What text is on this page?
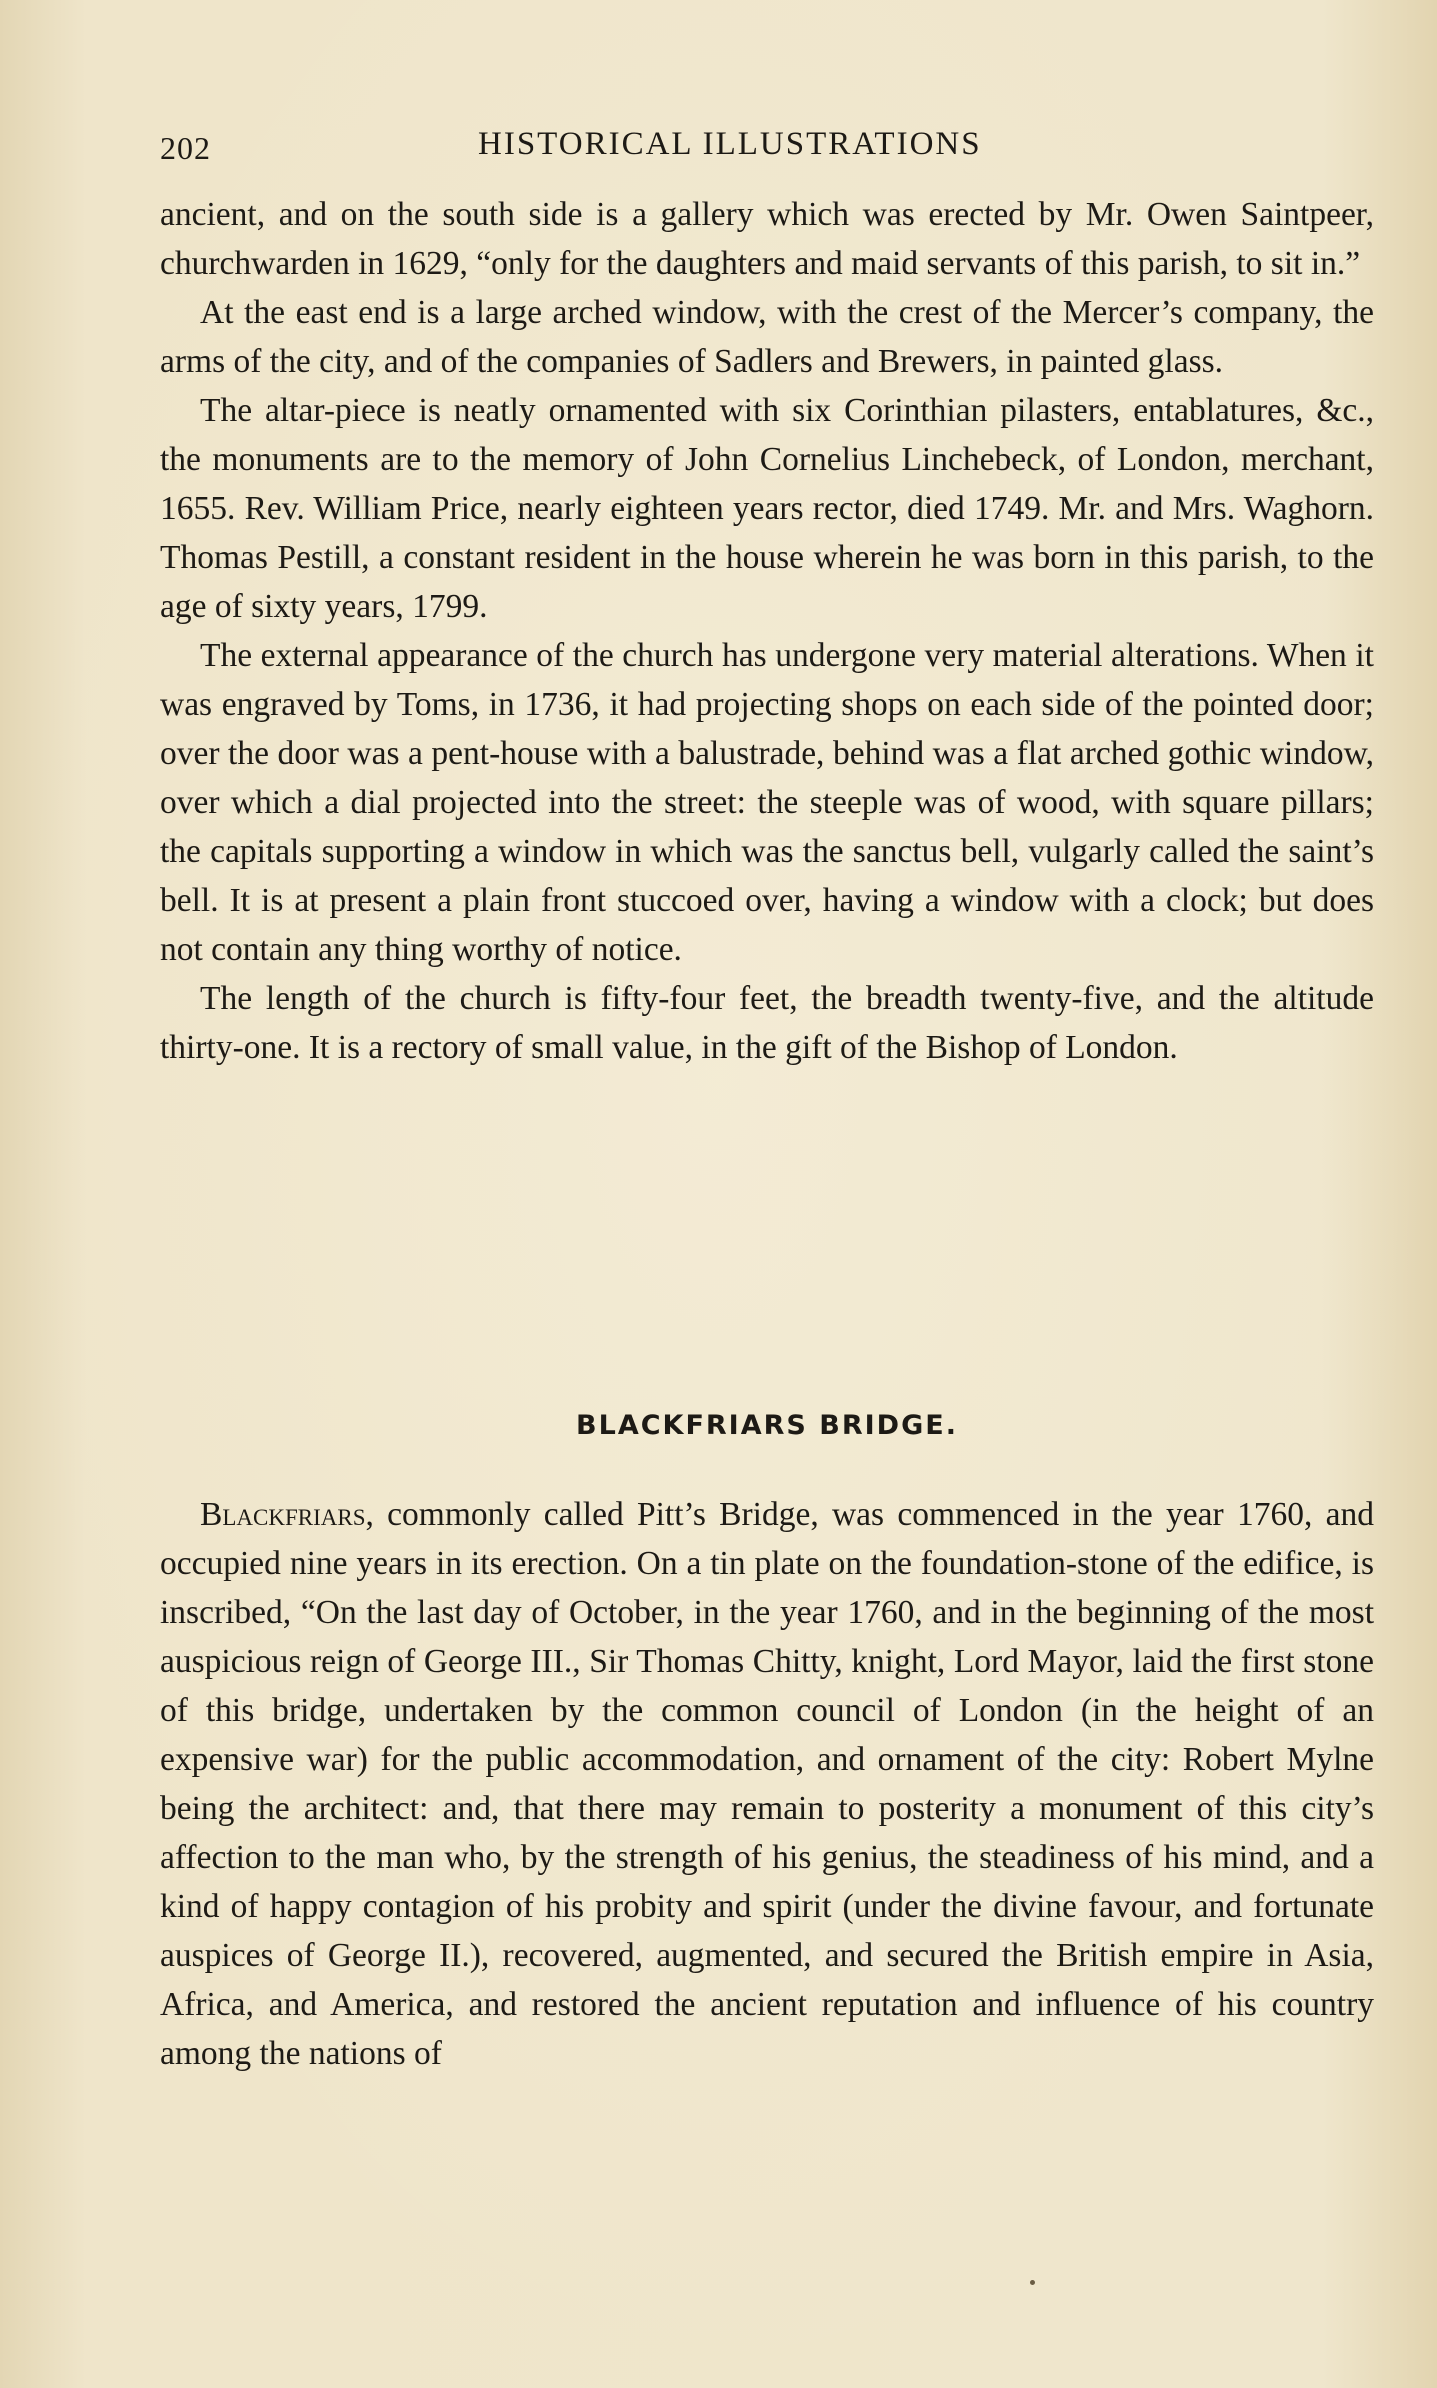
202	HISTORICAL ILLUSTRATIONS

ancient, and on the south side is a gallery which was erected by Mr. Owen Saintpeer, churchwarden in 1629, “only for the daughters and maid servants of this parish, to sit in.”

At the east end is a large arched window, with the crest of the Mercer’s company, the arms of the city, and of the companies of Sadlers and Brewers, in painted glass.

The altar-piece is neatly ornamented with six Corinthian pilasters, entablatures, &c., the monuments are to the memory of John Cornelius Linchebeck, of London, merchant, 1655. Rev. William Price, nearly eighteen years rector, died 1749. Mr. and Mrs. Waghorn. Thomas Pestill, a constant resident in the house wherein he was born in this parish, to the age of sixty years, 1799.

The external appearance of the church has undergone very material alterations. When it was engraved by Toms, in 1736, it had projecting shops on each side of the pointed door; over the door was a pent-house with a balustrade, behind was a flat arched gothic window, over which a dial projected into the street: the steeple was of wood, with square pillars; the capitals supporting a window in which was the sanctus bell, vulgarly called the saint’s bell. It is at present a plain front stuccoed over, having a window with a clock; but does not contain any thing worthy of notice.

The length of the church is fifty-four feet, the breadth twenty-five, and the altitude thirty-one. It is a rectory of small value, in the gift of the Bishop of London.

BLACKFRIARS BRIDGE.

Blackfriars, commonly called Pitt’s Bridge, was commenced in the year 1760, and occupied nine years in its erection. On a tin plate on the foundation-stone of the edifice, is inscribed, “On the last day of October, in the year 1760, and in the beginning of the most auspicious reign of George III., Sir Thomas Chitty, knight, Lord Mayor, laid the first stone of this bridge, undertaken by the common council of London (in the height of an expensive war) for the public accommodation, and ornament of the city: Robert Mylne being the architect: and, that there may remain to posterity a monument of this city’s affection to the man who, by the strength of his genius, the steadiness of his mind, and a kind of happy contagion of his probity and spirit (under the divine favour, and fortunate auspices of George II.), recovered, augmented, and secured the British empire in Asia, Africa, and America, and restored the ancient reputation and influence of his country among the nations of
